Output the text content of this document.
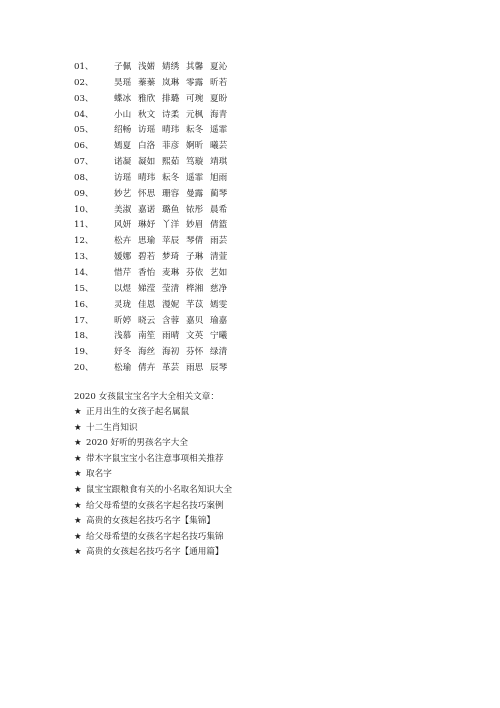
01、 子佩 浅婼 婧绣 其馨 夏沁
02、 昊瑶 蓁蓁 岚琳 零露 昕若
03、 蝶冰 雅欣 排璐 可琬 夏盼
04、 小山 秋文 诗柔 元枫 海青
05、 绍畅 访瑶 晴玮 耘冬 遥霏
06、 嫣夏 白洛 菲彦 婀昕 曦芸
07、 诺凝 凝如 熙茹 笃璇 靖琪
08、 访瑶 晴玮 耘冬 遥霏 旭雨
09、 妙艺 怀思 珊容 曼露 蔺琴
10、 美淑 嘉诺 璐鱼 铱彤 晨希
11、 风妍 琳妤 丫洋 妙眉 倩篮
12、 松卉 思瑜 苹辰 琴倩 雨芸
13、 媛娜 碧若 梦琦 子琳 清萱
14、 惜芹 香怡 麦琳 芬依 艺如
15、 以煜 娣滢 莹清 桦湘 慈净
16、 灵珑 佳恩 漫妮 芊苡 嫣雯
17、 昕婷 晓云 含蓉 嘉贝 瑜嘉
18、 浅慕 南笙 雨晴 文英 宁曦
19、 妤冬 海丝 海初 芬怀 绿清
20、 松瑜 倩卉 革芸 雨思 辰琴
2020 女孩鼠宝宝名字大全相关文章：
★ 正月出生的女孩子起名属鼠
★ 十二生肖知识
★ 2020 好听的男孩名字大全
★ 带木字鼠宝宝小名注意事项相关推荐
★ 取名字
★ 鼠宝宝跟粮食有关的小名取名知识大全
★ 给父母希望的女孩名字起名技巧案例
★ 高贵的女孩起名技巧名字【集锦】
★ 给父母希望的女孩名字起名技巧集锦
★ 高贵的女孩起名技巧名字【通用篇】
